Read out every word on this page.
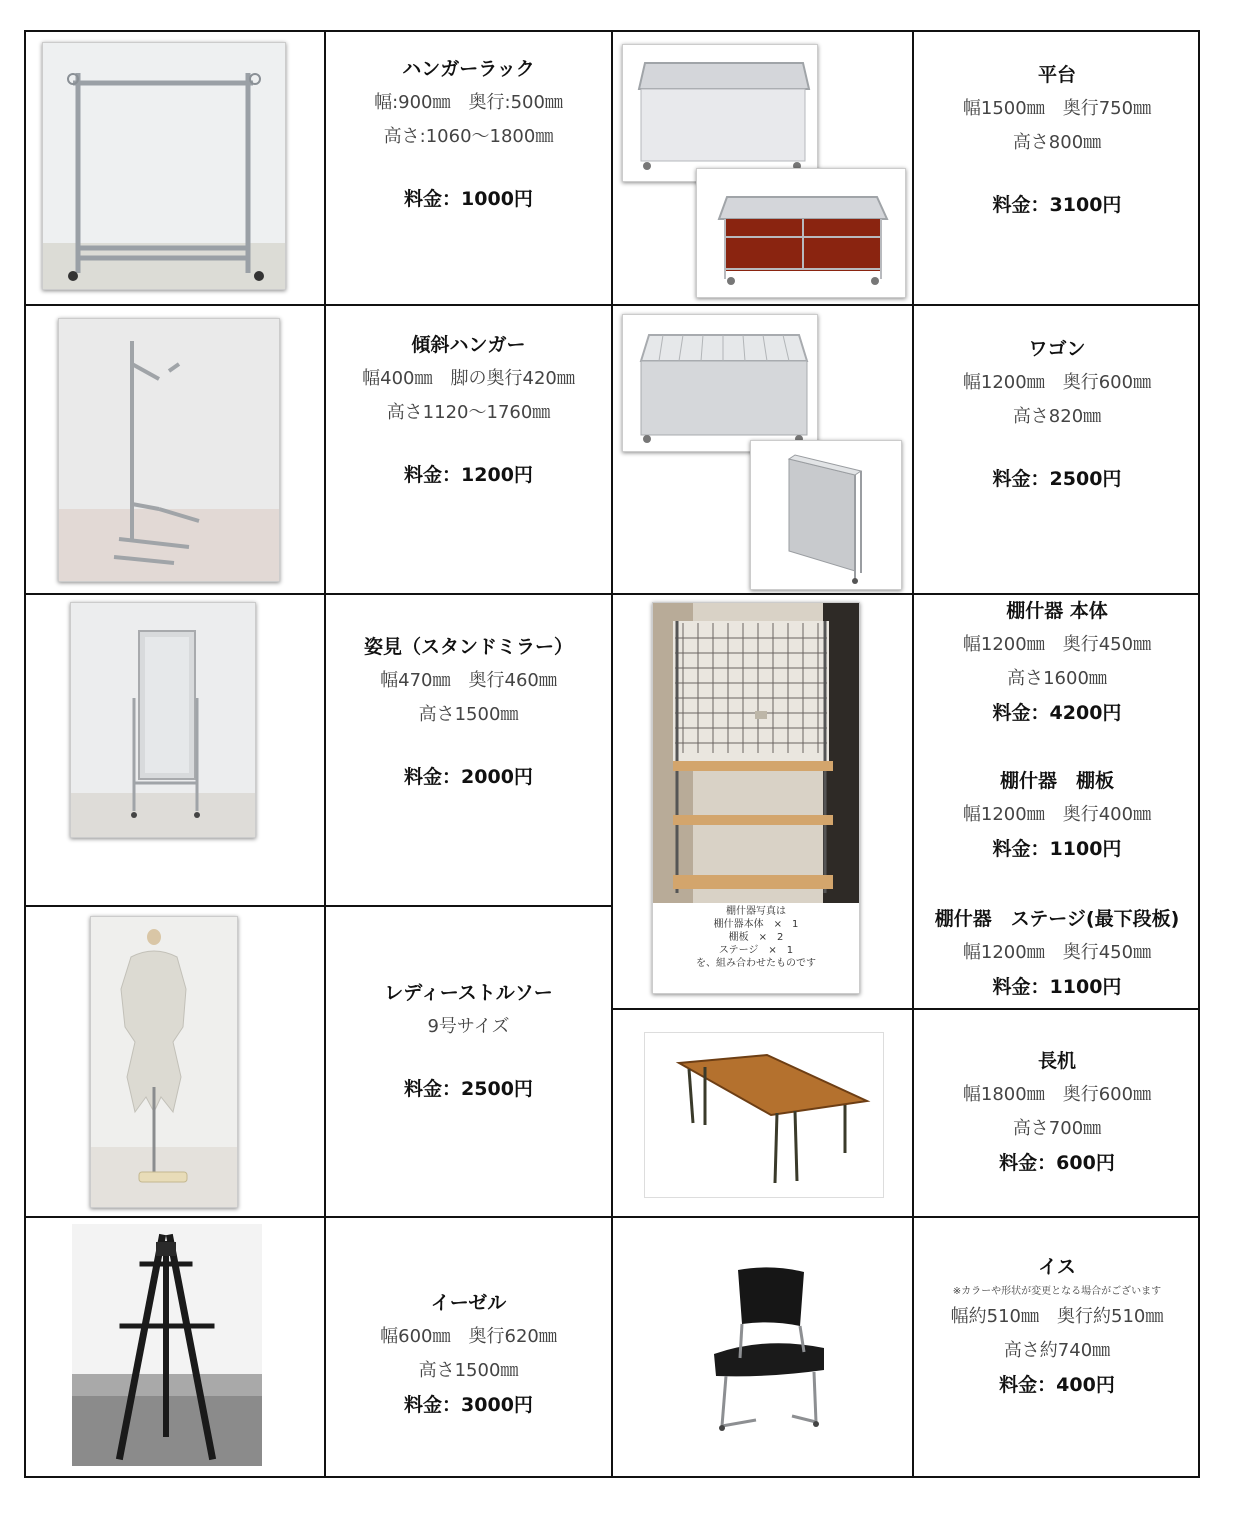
ハンガーラック
幅:900㎜　奥行:500㎜
高さ:1060～1800㎜
料金：1000円
傾斜ハンガー
幅400㎜　脚の奥行420㎜
高さ1120～1760㎜
料金：1200円
姿見（スタンドミラー）
幅470㎜　奥行460㎜
高さ1500㎜
料金：2000円
レディーストルソー
9号サイズ
料金：2500円
イーゼル
幅600㎜　奥行620㎜
高さ1500㎜
料金：3000円
平台
幅1500㎜　奥行750㎜
高さ800㎜
料金：3100円
ワゴン
幅1200㎜　奥行600㎜
高さ820㎜
料金：2500円
棚什器写真は
棚什器本体　×　1
棚板　×　2
ステージ　×　1
を、組み合わせたものです
棚什器 本体
幅1200㎜　奥行450㎜
高さ1600㎜
料金：4200円
棚什器　棚板
幅1200㎜　奥行400㎜
料金：1100円
棚什器　ステージ(最下段板)
幅1200㎜　奥行450㎜
料金：1100円
長机
幅1800㎜　奥行600㎜
高さ700㎜
料金：600円
イス
※カラーや形状が変更となる場合がございます
幅約510㎜　奥行約510㎜
高さ約740㎜
料金：400円
